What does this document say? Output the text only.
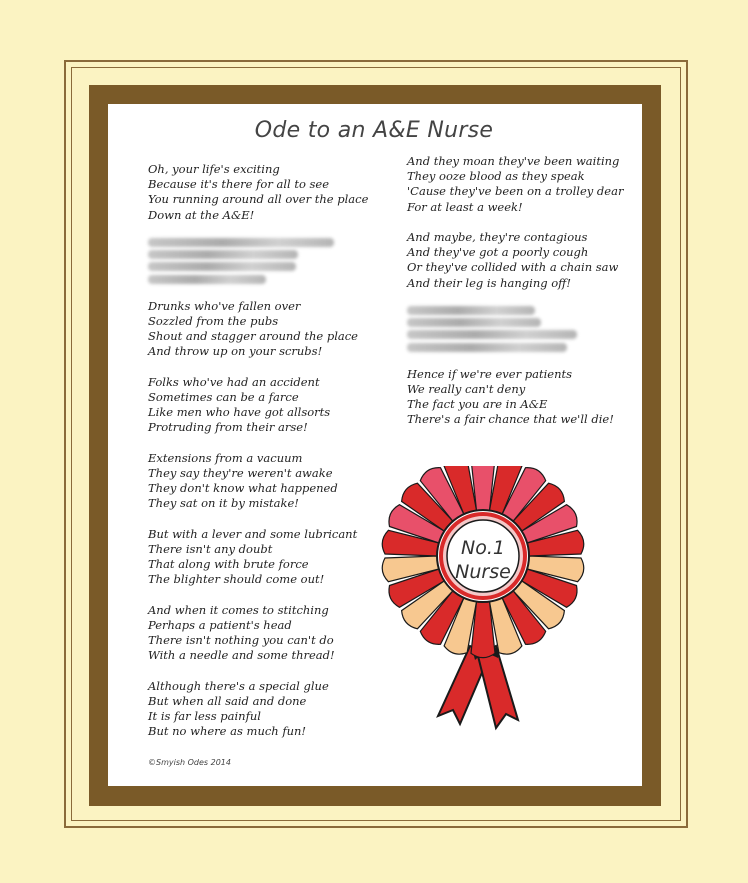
Ode to an A&E Nurse
Oh, your life's exciting
Because it's there for all to see
You running around all over the place
Down at the A&E!
Drunks who've fallen over
Sozzled from the pubs
Shout and stagger around the place
And throw up on your scrubs!
Folks who've had an accident
Sometimes can be a farce
Like men who have got allsorts
Protruding from their arse!
Extensions from a vacuum
They say they're weren't awake
They don't know what happened
They sat on it by mistake!
But with a lever and some lubricant
There isn't any doubt
That along with brute force
The blighter should come out!
And when it comes to stitching
Perhaps a patient's head
There isn't nothing you can't do
With a needle and some thread!
Although there's a special glue
But when all said and done
It is far less painful
But no where as much fun!
And they moan they've been waiting
They ooze blood as they speak
'Cause they've been on a trolley dear
For at least a week!
And maybe, they're contagious
And they've got a poorly cough
Or they've collided with a chain saw
And their leg is hanging off!
Hence if we're ever patients
We really can't deny
The fact you are in A&E
There's a fair chance that we'll die!
©Smyish Odes 2014
No.1
Nurse
